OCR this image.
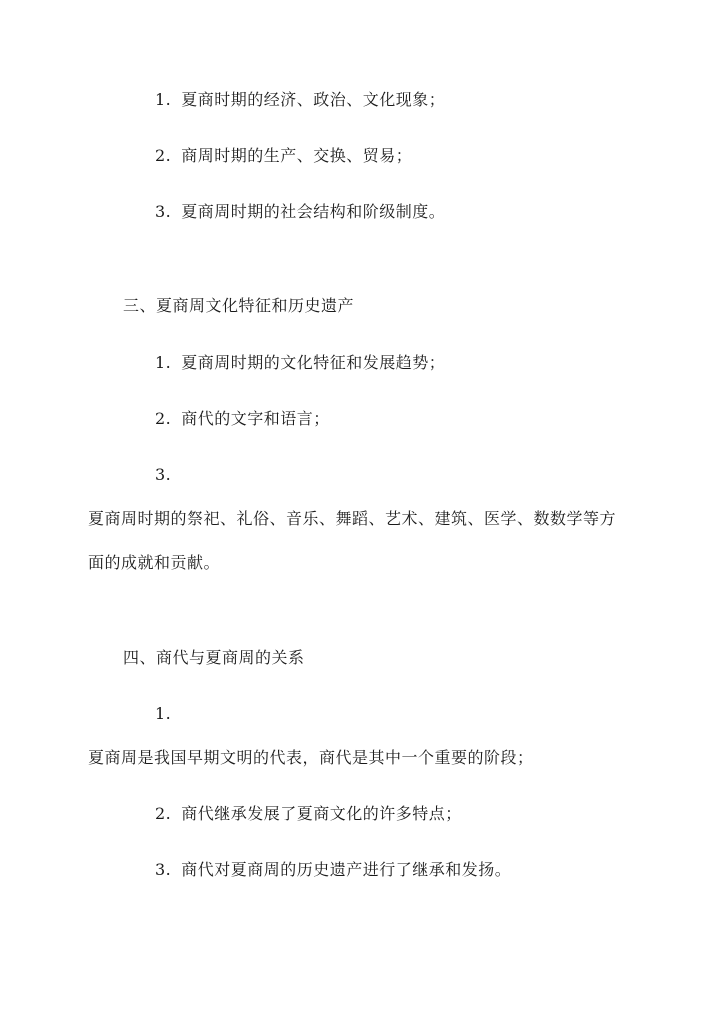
1. 夏商时期的经济、政治、文化现象；
2. 商周时期的生产、交换、贸易；
3. 夏商周时期的社会结构和阶级制度。
三、夏商周文化特征和历史遗产
1. 夏商周时期的文化特征和发展趋势；
2. 商代的文字和语言；
3.
夏商周时期的祭祀、礼俗、音乐、舞蹈、艺术、建筑、医学、数数学等方
面的成就和贡献。
四、商代与夏商周的关系
1.
夏商周是我国早期文明的代表，商代是其中一个重要的阶段；
2. 商代继承发展了夏商文化的许多特点；
3. 商代对夏商周的历史遗产进行了继承和发扬。
